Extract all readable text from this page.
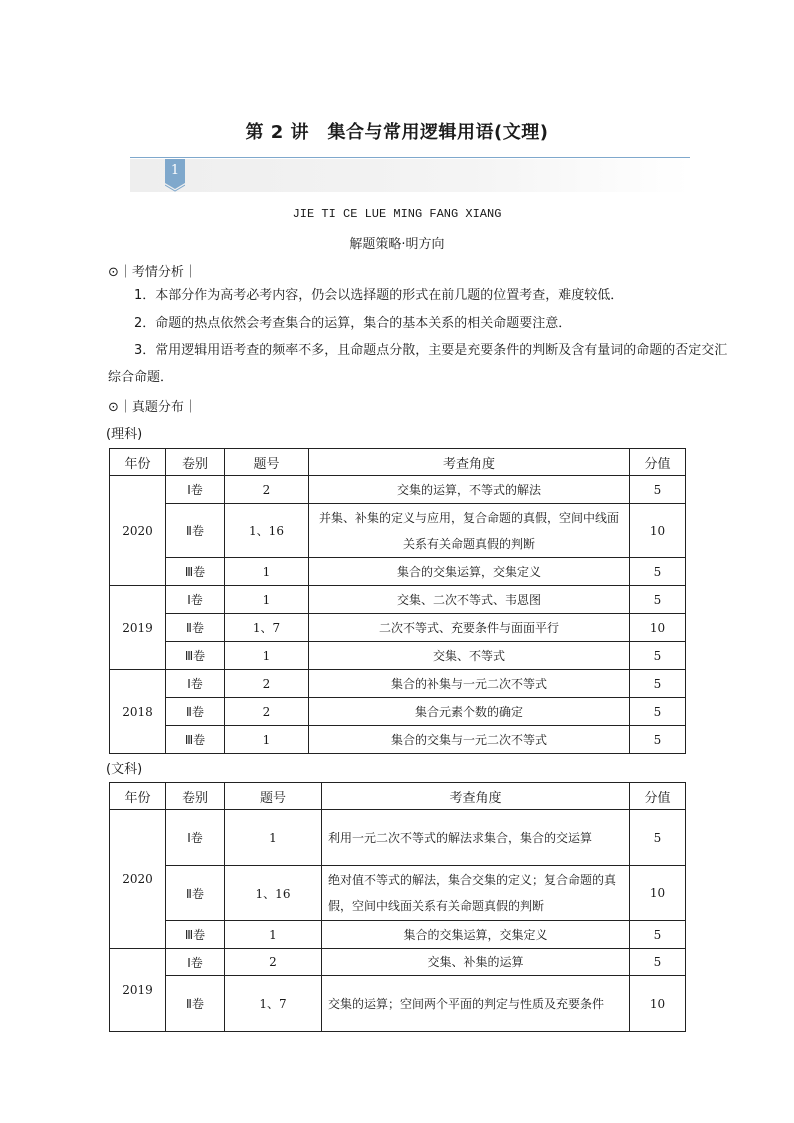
第 2 讲　集合与常用逻辑用语(文理)
1
JIE TI CE LUE MING FANG XIANG
解题策略·明方向
⊙｜考情分析｜
1．本部分作为高考必考内容，仍会以选择题的形式在前几题的位置考查，难度较低．
2．命题的热点依然会考查集合的运算，集合的基本关系的相关命题要注意．
3．常用逻辑用语考查的频率不多，且命题点分散，主要是充要条件的判断及含有量词的命题的否定交汇综合命题．
⊙｜真题分布｜
(理科)
年份	卷别	题号	考查角度	分值
2020	Ⅰ卷	2	交集的运算，不等式的解法	5
	Ⅱ卷	1、16	并集、补集的定义与应用，复合命题的真假，空间中线面关系有关命题真假的判断	10
	Ⅲ卷	1	集合的交集运算，交集定义	5
2019	Ⅰ卷	1	交集、二次不等式、韦恩图	5
	Ⅱ卷	1、7	二次不等式、充要条件与面面平行	10
	Ⅲ卷	1	交集、不等式	5
2018	Ⅰ卷	2	集合的补集与一元二次不等式	5
	Ⅱ卷	2	集合元素个数的确定	5
	Ⅲ卷	1	集合的交集与一元二次不等式	5
(文科)
年份	卷别	题号	考查角度	分值
2020	Ⅰ卷	1	利用一元二次不等式的解法求集合，集合的交运算	5
	Ⅱ卷	1、16	绝对值不等式的解法，集合交集的定义；复合命题的真假，空间中线面关系有关命题真假的判断	10
	Ⅲ卷	1	集合的交集运算，交集定义	5
2019	Ⅰ卷	2	交集、补集的运算	5
	Ⅱ卷	1、7	交集的运算；空间两个平面的判定与性质及充要条件	10
